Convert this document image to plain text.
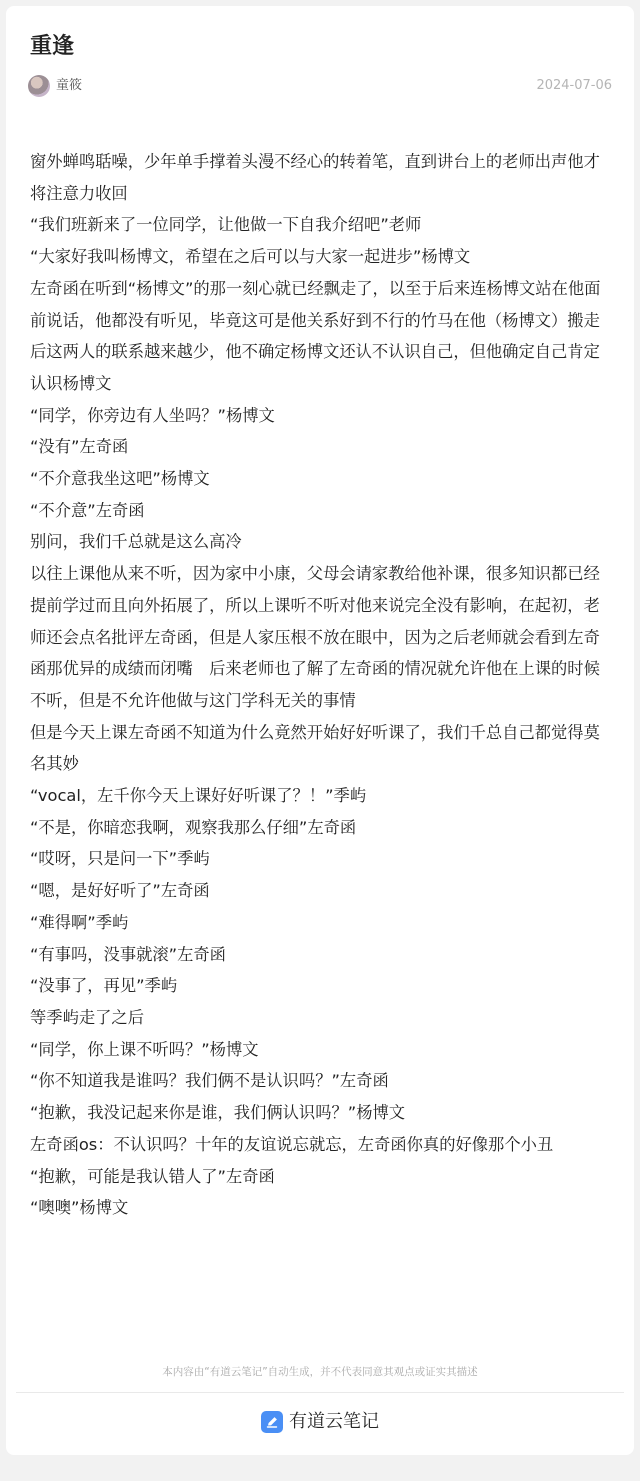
重逢
童筱	2024-07-06

窗外蝉鸣聒噪，少年单手撑着头漫不经心的转着笔，直到讲台上的老师出声他才将注意力收回

“我们班新来了一位同学，让他做一下自我介绍吧”老师

“大家好我叫杨博文，希望在之后可以与大家一起进步”杨博文

左奇函在听到“杨博文”的那一刻心就已经飘走了，以至于后来连杨博文站在他面前说话，他都没有听见，毕竟这可是他关系好到不行的竹马在他（杨博文）搬走后这两人的联系越来越少，他不确定杨博文还认不认识自己，但他确定自己肯定认识杨博文

“同学，你旁边有人坐吗？”杨博文

“没有”左奇函

“不介意我坐这吧”杨博文

“不介意”左奇函

别问，我们千总就是这么高冷

以往上课他从来不听，因为家中小康，父母会请家教给他补课，很多知识都已经提前学过而且向外拓展了，所以上课听不听对他来说完全没有影响，在起初，老师还会点名批评左奇函，但是人家压根不放在眼中，因为之后老师就会看到左奇函那优异的成绩而闭嘴　后来老师也了解了左奇函的情况就允许他在上课的时候不听，但是不允许他做与这门学科无关的事情

但是今天上课左奇函不知道为什么竟然开始好好听课了，我们千总自己都觉得莫名其妙

“vocal，左千你今天上课好好听课了？！”季屿

“不是，你暗恋我啊，观察我那么仔细”左奇函

“哎呀，只是问一下”季屿

“嗯，是好好听了”左奇函

“难得啊”季屿

“有事吗，没事就滚”左奇函

“没事了，再见”季屿

等季屿走了之后

“同学，你上课不听吗？”杨博文

“你不知道我是谁吗？我们俩不是认识吗？”左奇函

“抱歉，我没记起来你是谁，我们俩认识吗？”杨博文

左奇函os：不认识吗？十年的友谊说忘就忘，左奇函你真的好像那个小丑

“抱歉，可能是我认错人了”左奇函

“噢噢”杨博文

本内容由“有道云笔记”自动生成，并不代表同意其观点或证实其描述
有道云笔记
